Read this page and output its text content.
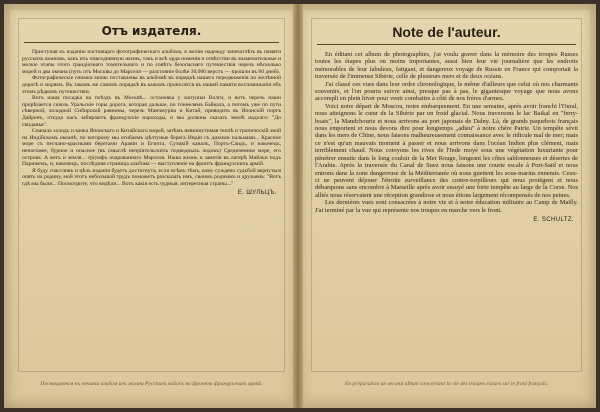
Отъ издателя.

Приступая къ изданію настоящаго фотографическаго альбома, я желію надежду запечатлѣть въ памяти русскихъ воиновъ, какъ ихъ повседневную жизнь, такъ и всѣ ордя номенія и отвѣтстви въ знаменательные и мелкіе этапы этого грандіознаго томительнаго и по совѣтъ безопаснаго путешествія черезъ нѣсколько морей и два океана (путь отъ Москвы до Марселя — разстояніе болѣе 30,000 верстъ — прошли въ 80 дней).

Фотографическіе снимки мною поставлены въ альбомѣ въ порядкѣ нашего передвиженія по желѣзной дорогѣ и морямъ. Въ такомъ же самомъ порядкѣ въ кажомъ проносятся въ нашей памяти воспоминанія объ этомъ рѣдкомъ путешествіи.

Вотъ наша посадка на поѣздъ въ Москвѣ... остановка у матушки Волги, и вотъ черезъ наши прорѣзается сквозь Уральскіе горы дорога, которая дальше, по тоннелямъ Байкала, а потомъ уже по пути сѣверной, холодной Сибирской равнины, черезъ Манчжурію и Китай, приводить въ Японскій портъ Дайренъ, откуда насъ забираютъ французскіе пароходы, и мы должны сказать землѣ надолго: "До свиданья".

Сначала холодъ и качка Японскаго и Китайскаго морей, затѣмъ невиннутимая теплѣ и тропическій зной на Индійскомъ океанѣ, по которому мы огибаемъ цѣлтуные берега Индіи съ дикими пальмами... Красное море съ песчано-красными берегами Аравіи и Египта, Суэцкій каналъ, Портъ-Саидъ, и наконецъ, непогожее, бурное и опасное (въ смыслѣ непріятельскихъ подводныхъ лодокъ) Средиземное море, его острова. А вотъ и земля... тріумфъ очарованнаго Марселя. Наша жизнь и занятія въ лагерѣ Майльи подъ Парижемъ, и, наконецъ, послѣдняя страница альбома — выступленіе на фронтъ французскихъ армій.

Я буду счастливъ и цѣль изданія будетъ достигнута, если всѣмъ тѣмъ, кому суждено судьбой вернуться опять на родину, мой этотъ небольшой трудъ поможетъ разсказать имъ, своимъ роднымъ и друзьямъ: "Вотъ гдѣ мы были... Посмотрите, что видѣли... Вотъ какія есть чудныя, интересныя страны..."

Е. ШУЛЬЦЪ.
Посвящается къ печати альбом изъ жизни Русскихъ войскъ на фронтѣ французскихъ армій.
Note de l'auteur.

En éditant cet album de photographies, j'ai voulu graver dans la mémoire des troupes Russes toutes les étapes plus ou moins importantes, aussi bien leur vie journalière que les endroits mémorables de leur fabuleux, fatigant, et dangereux voyage de Russie en France qui comportait la traversée de l'immense Sibérie, celle de plusieurs mers et de deux océans.

J'ai classé ces vues dans leur ordre chronologique, le même d'ailleurs que celui où nos charmants souvenirs, et l'on pourra suivre ainsi, presque pas à pas, le gigantesque voyage que nous avons accompli en plein hiver pour venir combattre à côté de nos frères d'armes.

Voici notre départ de Moscou, notre embarquement. En une semaine, après avoir franchi l'Oural, nous atteignons le cœur de la Sibérie par un froid glacial. Nous traversons le lac Baikal en "ferry-boats", la Mandchourie et nous arrivons au port japonais de Dalny. Là, de grands paquebots français nous emportent et nous devons dire pour longtemps „adieu" à notre chère Patrie. Un tempête sévit dans les mers de Chine, nous faisons malheureusement connaissance avec le ridicule mal de mer; mais ce n'est qu'un mauvais moment à passer et nous arrivons dans l'océan Indien plus clément, mais terriblement chaud. Nous cotoyons les rives de l'Inde moyé sous une végétation luxuriante pour pénétrer ensuite dans le long couloir de la Mer Rouge, longeant les côtes sablonneuses et désertes de l'Arabie. Après la traversée du Canal de Suez nous faisons une courte escale à Port-Saïd et nous entrons dans la zone dangereuse de la Méditerranée où nous guettent les sous-marins ennemis. Ceux-ci ne peuvent déjouer l'étroite surveillance des contre-torpilleurs qui nous protègent et nous débarquons sans encombre à Marseille après avoir essuyé une forte tempête au large de la Corse. Nos alliés nous réservaient une réception grandiose et nous étions largement récompensés de nos peines.

Les dernières vues sont consacrées à notre vie et à notre éducation militaire au Camp de Mailly. J'ai terminé par la vue qui représente nos troupes en marche vers le front.

E. SCHULTZ.
En préparation un second album concernant la vie des troupes russes sur le front français.
